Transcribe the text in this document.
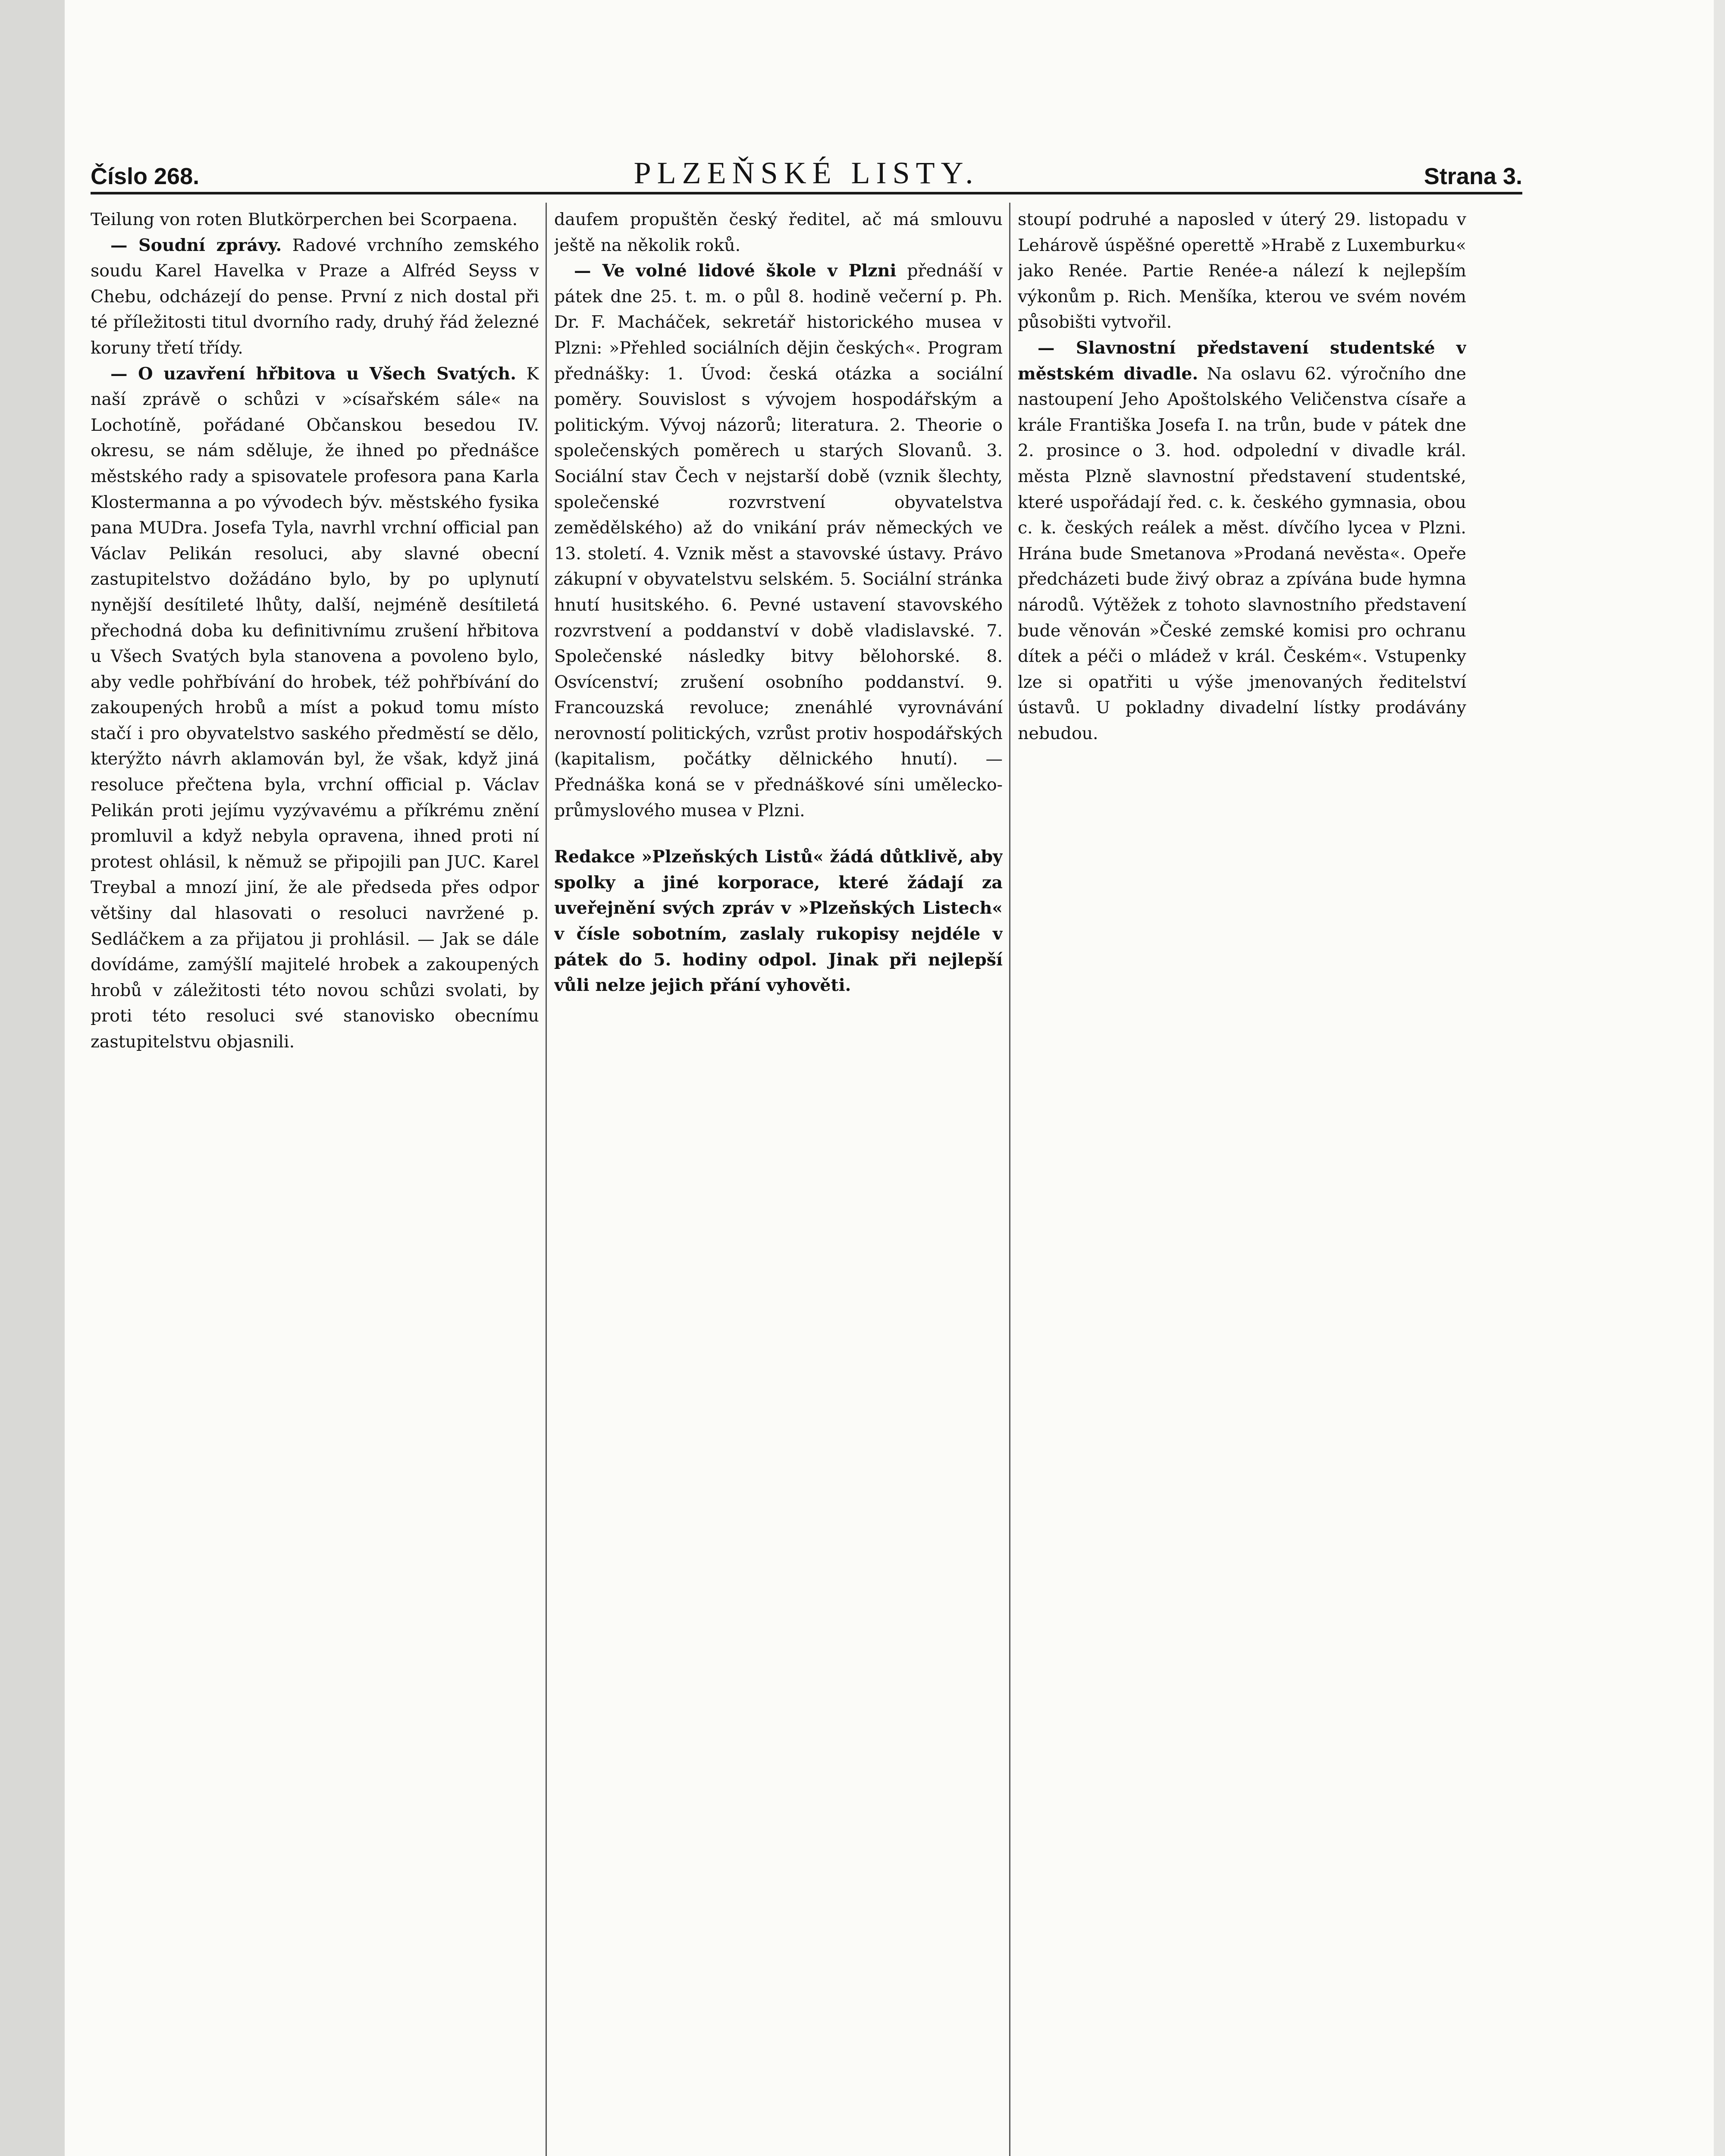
Číslo 268.	PLZEŇSKÉ LISTY.	Strana 3.

Teilung von roten Blutkörperchen bei Scorpaena.

— Soudní zprávy. Radové vrchního zemského soudu Karel Havelka v Praze a Alfréd Seyss v Chebu, odcházejí do pense. První z nich dostal při té příležitosti titul dvorního rady, druhý řád železné koruny třetí třídy.

— O uzavření hřbitova u Všech Svatých. K naší zprávě o schůzi v »císařském sále« na Lochotíně, pořádané Občanskou besedou IV. okresu, se nám sděluje, že ihned po přednášce městského rady a spisovatele profesora pana Karla Klostermanna a po vývodech býv. městského fysika pana MUDra. Josefa Tyla, navrhl vrchní official pan Václav Pelikán resoluci, aby slavné obecní zastupitelstvo dožádáno bylo, by po uplynutí nynější desítileté lhůty, další, nejméně desítiletá přechodná doba ku definitivnímu zrušení hřbitova u Všech Svatých byla stanovena a povoleno bylo, aby vedle pohřbívání do hrobek, též pohřbívání do zakoupených hrobů a míst a pokud tomu místo stačí i pro obyvatelstvo saského předměstí se dělo, kterýžto návrh aklamován byl, že však, když jiná resoluce přečtena byla, vrchní official p. Václav Pelikán proti jejímu vyzývavému a příkrému znění promluvil a když nebyla opravena, ihned proti ní protest ohlásil, k němuž se připojili pan JUC. Karel Treybal a mnozí jiní, že ale předseda přes odpor většiny dal hlasovati o resoluci navržené p. Sedláčkem a za přijatou ji prohlásil. — Jak se dále dovídáme, zamýšlí majitelé hrobek a zakoupených hrobů v záležitosti této novou schůzi svolati, by proti této resoluci své stanovisko obecnímu zastupitelstvu objasnili.

daufem propuštěn český ředitel, ač má smlouvu ještě na několik roků.

— Ve volné lidové škole v Plzni přednáší v pátek dne 25. t. m. o půl 8. hodině večerní p. Ph. Dr. F. Macháček, sekretář historického musea v Plzni: »Přehled sociálních dějin českých«. Program přednášky: 1. Úvod: česká otázka a sociální poměry. Souvislost s vývojem hospodářským a politickým. Vývoj názorů; literatura. 2. Theorie o společenských poměrech u starých Slovanů. 3. Sociální stav Čech v nejstarší době (vznik šlechty, společenské rozvrstvení obyvatelstva zemědělského) až do vnikání práv německých ve 13. století. 4. Vznik měst a stavovské ústavy. Právo zákupní v obyvatelstvu selském. 5. Sociální stránka hnutí husitského. 6. Pevné ustavení stavovského rozvrstvení a poddanství v době vladislavské. 7. Společenské následky bitvy bělohorské. 8. Osvícenství; zrušení osobního poddanství. 9. Francouzská revoluce; znenáhlé vyrovnávání nerovností politických, vzrůst protiv hospodářských (kapitalism, počátky dělnického hnutí). — Přednáška koná se v přednáškové síni umělecko-průmyslového musea v Plzni.

Redakce »Plzeňských Listů« žádá důtklivě, aby spolky a jiné korporace, které žádají za uveřejnění svých zpráv v »Plzeňských Listech« v čísle sobotním, zaslaly rukopisy nejdéle v pátek do 5. hodiny odpol. Jinak při nejlepší vůli nelze jejich přání vyhověti.

stoupí podruhé a naposled v úterý 29. listopadu v Lehárově úspěšné operettě »Hrabě z Luxemburku« jako Renée. Partie Renée-a nálezí k nejlepším výkonům p. Rich. Menšíka, kterou ve svém novém působišti vytvořil.

— Slavnostní představení studentské v městském divadle. Na oslavu 62. výročního dne nastoupení Jeho Apoštolského Veličenstva císaře a krále Františka Josefa I. na trůn, bude v pátek dne 2. prosince o 3. hod. odpolední v divadle král. města Plzně slavnostní představení studentské, které uspořádají řed. c. k. českého gymnasia, obou c. k. českých reálek a měst. dívčího lycea v Plzni. Hrána bude Smetanova »Prodaná nevěsta«. Opeře předcházeti bude živý obraz a zpívána bude hymna národů. Výtěžek z tohoto slavnostního představení bude věnován »České zemské komisi pro ochranu dítek a péči o mládež v král. Českém«. Vstupenky lze si opatřiti u výše jmenovaných ředitelství ústavů. U pokladny divadelní lístky prodávány nebudou.
